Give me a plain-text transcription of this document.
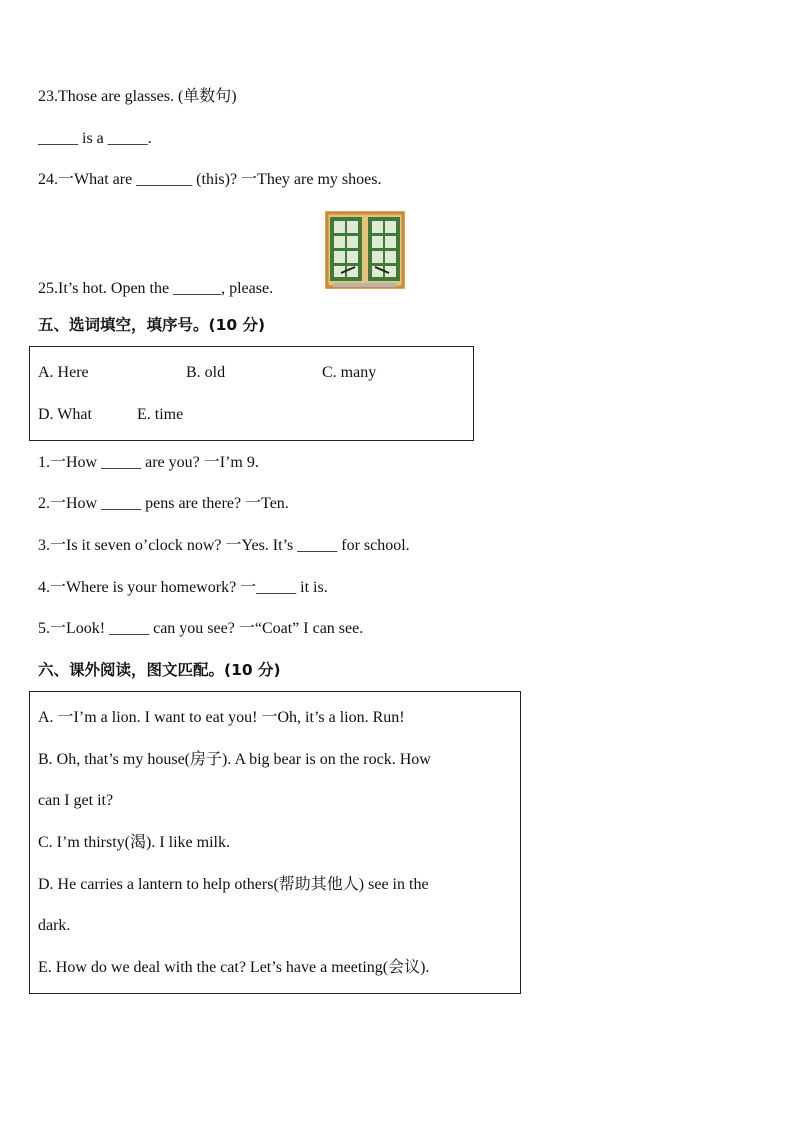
23.Those are glasses. (单数句)
_____ is a _____.
24.一What are _______ (this)? 一They are my shoes.
25.It’s hot. Open the ______, please.
五、选词填空，填序号。(10 分)
A. Here	B. old	C. many
D. What	E. time
1.一How _____ are you? 一I’m 9.
2.一How _____ pens are there? 一Ten.
3.一Is it seven o’clock now? 一Yes. It’s _____ for school.
4.一Where is your homework? 一_____ it is.
5.一Look! _____ can you see? 一“Coat” I can see.
六、课外阅读，图文匹配。(10 分)
A. 一I’m a lion. I want to eat you! 一Oh, it’s a lion. Run!
B. Oh, that’s my house(房子). A big bear is on the rock. How
can I get it?
C. I’m thirsty(渴). I like milk.
D. He carries a lantern to help others(帮助其他人) see in the
dark.
E. How do we deal with the cat? Let’s have a meeting(会议).
